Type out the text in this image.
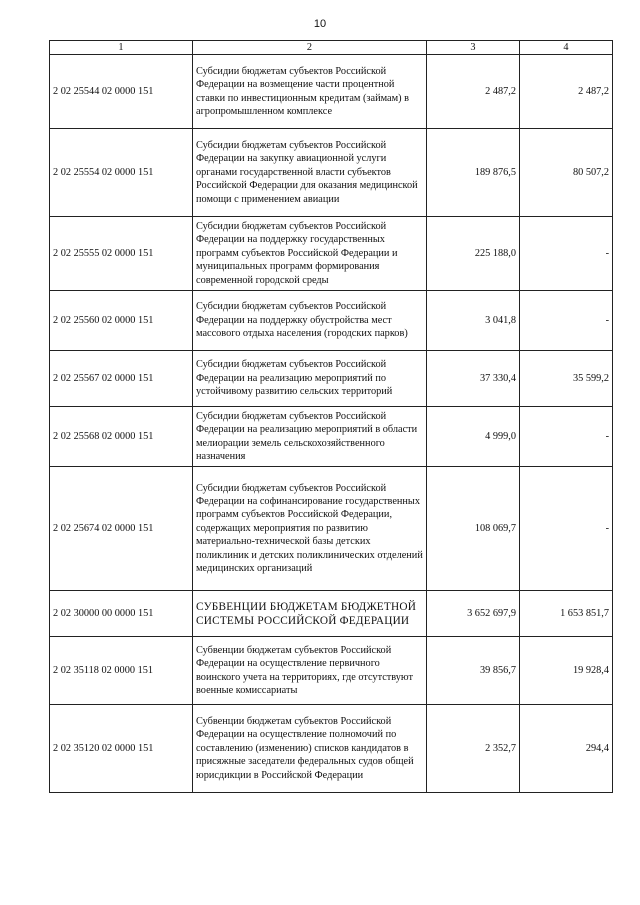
10
1	2	3	4
2 02 25544 02 0000 151	Субсидии бюджетам субъектов Российской Федерации на возмещение части процентной ставки по инвестиционным кредитам (займам) в агропромышленном комплексе	2 487,2	2 487,2
2 02 25554 02 0000 151	Субсидии бюджетам субъектов Российской Федерации на закупку авиационной услуги органами государственной власти субъектов Российской Федерации для оказания медицинской помощи с применением авиации	189 876,5	80 507,2
2 02 25555 02 0000 151	Субсидии бюджетам субъектов Российской Федерации на поддержку государственных программ субъектов Российской Федерации и муниципальных программ формирования современной городской среды	225 188,0	-
2 02 25560 02 0000 151	Субсидии бюджетам субъектов Российской Федерации на поддержку обустройства мест массового отдыха населения (городских парков)	3 041,8	-
2 02 25567 02 0000 151	Субсидии бюджетам субъектов Российской Федерации на реализацию мероприятий по устойчивому развитию сельских территорий	37 330,4	35 599,2
2 02 25568 02 0000 151	Субсидии бюджетам субъектов Российской Федерации на реализацию мероприятий в области мелиорации земель сельскохозяйственного назначения	4 999,0	-
2 02 25674 02 0000 151	Субсидии бюджетам субъектов Российской Федерации на софинансирование государственных программ субъектов Российской Федерации, содержащих мероприятия по развитию материально-технической базы детских поликлиник и детских поликлинических отделений медицинских организаций	108 069,7	-
2 02 30000 00 0000 151	СУБВЕНЦИИ БЮДЖЕТАМ БЮДЖЕТНОЙ СИСТЕМЫ РОССИЙСКОЙ ФЕДЕРАЦИИ	3 652 697,9	1 653 851,7
2 02 35118 02 0000 151	Субвенции бюджетам субъектов Российской Федерации на осуществление первичного воинского учета на территориях, где отсутствуют военные комиссариаты	39 856,7	19 928,4
2 02 35120 02 0000 151	Субвенции бюджетам субъектов Российской Федерации на осуществление полномочий по составлению (изменению) списков кандидатов в присяжные заседатели федеральных судов общей юрисдикции в Российской Федерации	2 352,7	294,4
